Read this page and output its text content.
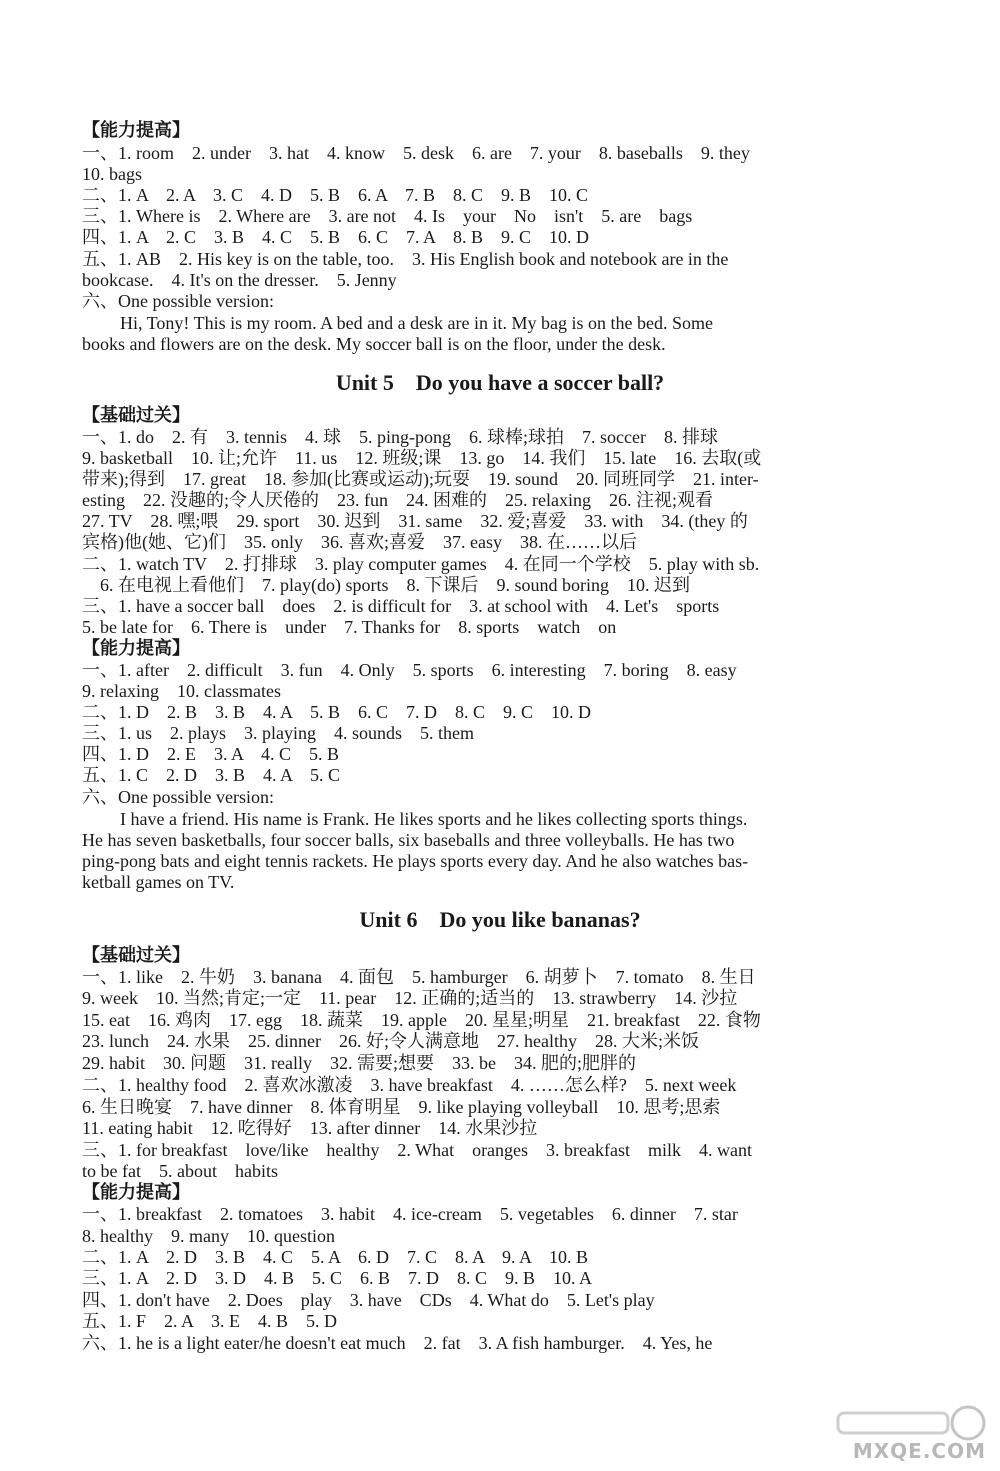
【能力提高】
一、1. room　2. under　3. hat　4. know　5. desk　6. are　7. your　8. baseballs　9. they
10. bags
二、1. A　2. A　3. C　4. D　5. B　6. A　7. B　8. C　9. B　10. C
三、1. Where is　2. Where are　3. are not　4. Is　your　No　isn't　5. are　bags
四、1. A　2. C　3. B　4. C　5. B　6. C　7. A　8. B　9. C　10. D
五、1. AB　2. His key is on the table, too.　3. His English book and notebook are in the
bookcase.　4. It's on the dresser.　5. Jenny
六、One possible version:
Hi, Tony! This is my room. A bed and a desk are in it. My bag is on the bed. Some
books and flowers are on the desk. My soccer ball is on the floor, under the desk.
Unit 5　Do you have a soccer ball?
【基础过关】
一、1. do　2. 有　3. tennis　4. 球　5. ping-pong　6. 球棒;球拍　7. soccer　8. 排球
9. basketball　10. 让;允许　11. us　12. 班级;课　13. go　14. 我们　15. late　16. 去取(或
带来);得到　17. great　18. 参加(比赛或运动);玩耍　19. sound　20. 同班同学　21. inter-
esting　22. 没趣的;令人厌倦的　23. fun　24. 困难的　25. relaxing　26. 注视;观看
27. TV　28. 嘿;喂　29. sport　30. 迟到　31. same　32. 爱;喜爱　33. with　34. (they 的
宾格)他(她、它)们　35. only　36. 喜欢;喜爱　37. easy　38. 在……以后
二、1. watch TV　2. 打排球　3. play computer games　4. 在同一个学校　5. play with sb.
6. 在电视上看他们　7. play(do) sports　8. 下课后　9. sound boring　10. 迟到
三、1. have a soccer ball　does　2. is difficult for　3. at school with　4. Let's　sports
5. be late for　6. There is　under　7. Thanks for　8. sports　watch　on
【能力提高】
一、1. after　2. difficult　3. fun　4. Only　5. sports　6. interesting　7. boring　8. easy
9. relaxing　10. classmates
二、1. D　2. B　3. B　4. A　5. B　6. C　7. D　8. C　9. C　10. D
三、1. us　2. plays　3. playing　4. sounds　5. them
四、1. D　2. E　3. A　4. C　5. B
五、1. C　2. D　3. B　4. A　5. C
六、One possible version:
I have a friend. His name is Frank. He likes sports and he likes collecting sports things.
He has seven basketballs, four soccer balls, six baseballs and three volleyballs. He has two
ping-pong bats and eight tennis rackets. He plays sports every day. And he also watches bas-
ketball games on TV.
Unit 6　Do you like bananas?
【基础过关】
一、1. like　2. 牛奶　3. banana　4. 面包　5. hamburger　6. 胡萝卜　7. tomato　8. 生日
9. week　10. 当然;肯定;一定　11. pear　12. 正确的;适当的　13. strawberry　14. 沙拉
15. eat　16. 鸡肉　17. egg　18. 蔬菜　19. apple　20. 星星;明星　21. breakfast　22. 食物
23. lunch　24. 水果　25. dinner　26. 好;令人满意地　27. healthy　28. 大米;米饭
29. habit　30. 问题　31. really　32. 需要;想要　33. be　34. 肥的;肥胖的
二、1. healthy food　2. 喜欢冰激凌　3. have breakfast　4. ……怎么样?　5. next week
6. 生日晚宴　7. have dinner　8. 体育明星　9. like playing volleyball　10. 思考;思索
11. eating habit　12. 吃得好　13. after dinner　14. 水果沙拉
三、1. for breakfast　love/like　healthy　2. What　oranges　3. breakfast　milk　4. want
to be fat　5. about　habits
【能力提高】
一、1. breakfast　2. tomatoes　3. habit　4. ice-cream　5. vegetables　6. dinner　7. star
8. healthy　9. many　10. question
二、1. A　2. D　3. B　4. C　5. A　6. D　7. C　8. A　9. A　10. B
三、1. A　2. D　3. D　4. B　5. C　6. B　7. D　8. C　9. B　10. A
四、1. don't have　2. Does　play　3. have　CDs　4. What do　5. Let's play
五、1. F　2. A　3. E　4. B　5. D
六、1. he is a light eater/he doesn't eat much　2. fat　3. A fish hamburger.　4. Yes, he
MXQE.COM
